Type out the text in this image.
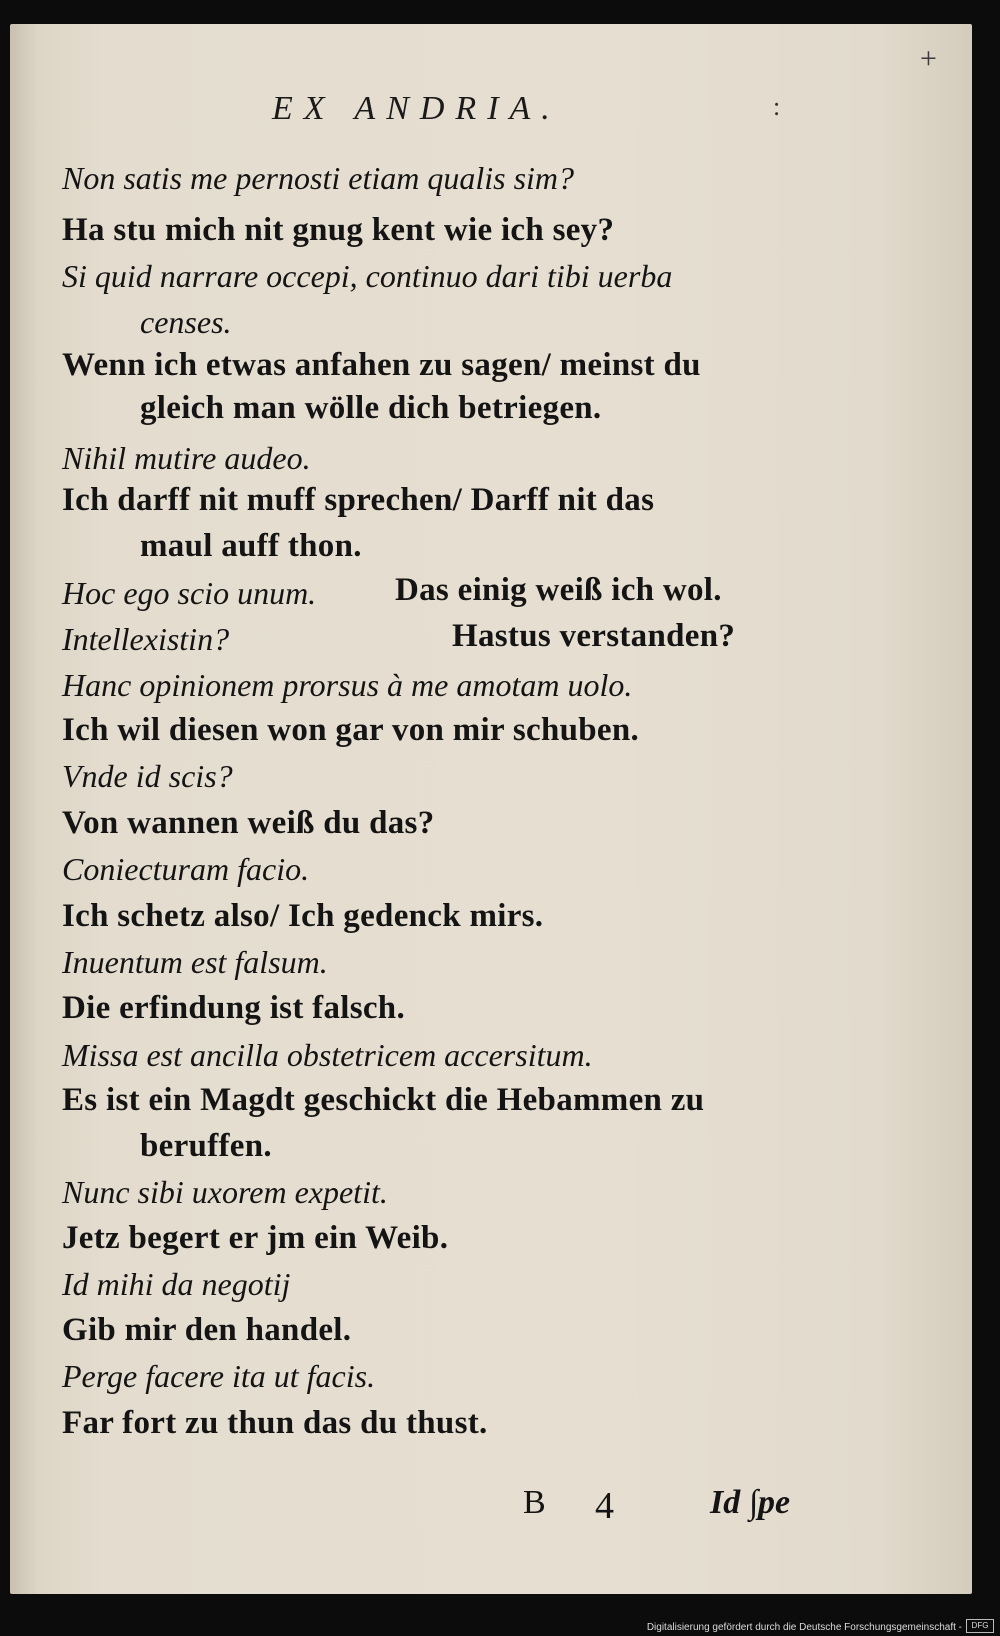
+
EX ANDRIA.	:
Non satis me pernosti etiam qualis sim?
Ha stu mich nit gnug kent wie ich sey?
Si quid narrare occepi, continuo dari tibi uerba
censes.
Wenn ich etwas anfahen zu sagen/ meinst du
gleich man wölle dich betriegen.
Nihil mutire audeo.
Ich darff nit muff sprechen/ Darff nit das
maul auff thon.
Hoc ego scio unum. Das einig weiß ich wol.
Intellexistin?	Hastus verstanden?
Hanc opinionem prorsus à me amotam uolo.
Ich wil diesen won gar von mir schuben.
Vnde id scis?
Von wannen weiß du das?
Coniecturam facio.
Ich schetz also/ Ich gedenck mirs.
Inuentum est falsum.
Die erfindung ist falsch.
Missa est ancilla obstetricem accersitum.
Es ist ein Magdt geschickt die Hebammen zu
beruffen.
Nunc sibi uxorem expetit.
Jetz begert er jm ein Weib.
Id mihi da negotij
Gib mir den handel.
Perge facere ita ut facis.
Far fort zu thun das du thust.
B 4	Id ∫pe
Digitalisierung gefördert durch die Deutsche Forschungsgemeinschaft -	DFG
